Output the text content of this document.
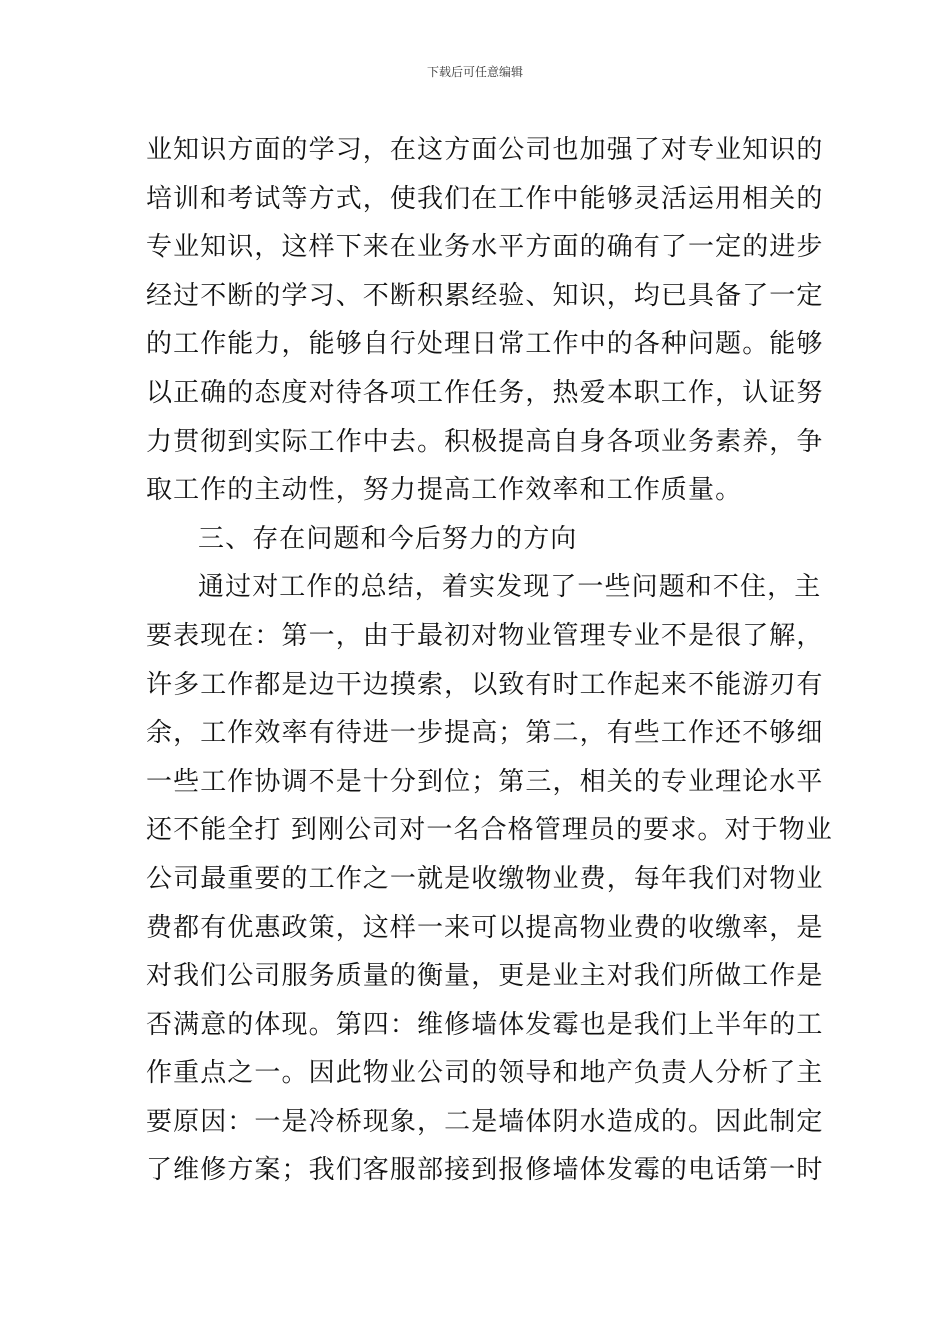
下载后可任意编辑
业知识方面的学习，在这方面公司也加强了对专业知识的
培训和考试等方式，使我们在工作中能够灵活运用相关的
专业知识，这样下来在业务水平方面的确有了一定的进步
经过不断的学习、不断积累经验、知识，均已具备了一定
的工作能力，能够自行处理日常工作中的各种问题。能够
以正确的态度对待各项工作任务，热爱本职工作，认证努
力贯彻到实际工作中去。积极提高自身各项业务素养，争
取工作的主动性，努力提高工作效率和工作质量。
三、存在问题和今后努力的方向
通过对工作的总结，着实发现了一些问题和不住，主
要表现在：第一，由于最初对物业管理专业不是很了解，
许多工作都是边干边摸索，以致有时工作起来不能游刃有
余，工作效率有待进一步提高；第二，有些工作还不够细
一些工作协调不是十分到位；第三，相关的专业理论水平
还不能全打 到刚公司对一名合格管理员的要求。对于物业
公司最重要的工作之一就是收缴物业费，每年我们对物业
费都有优惠政策，这样一来可以提高物业费的收缴率，是
对我们公司服务质量的衡量，更是业主对我们所做工作是
否满意的体现。第四：维修墙体发霉也是我们上半年的工
作重点之一。因此物业公司的领导和地产负责人分析了主
要原因：一是冷桥现象，二是墙体阴水造成的。因此制定
了维修方案；我们客服部接到报修墙体发霉的电话第一时
